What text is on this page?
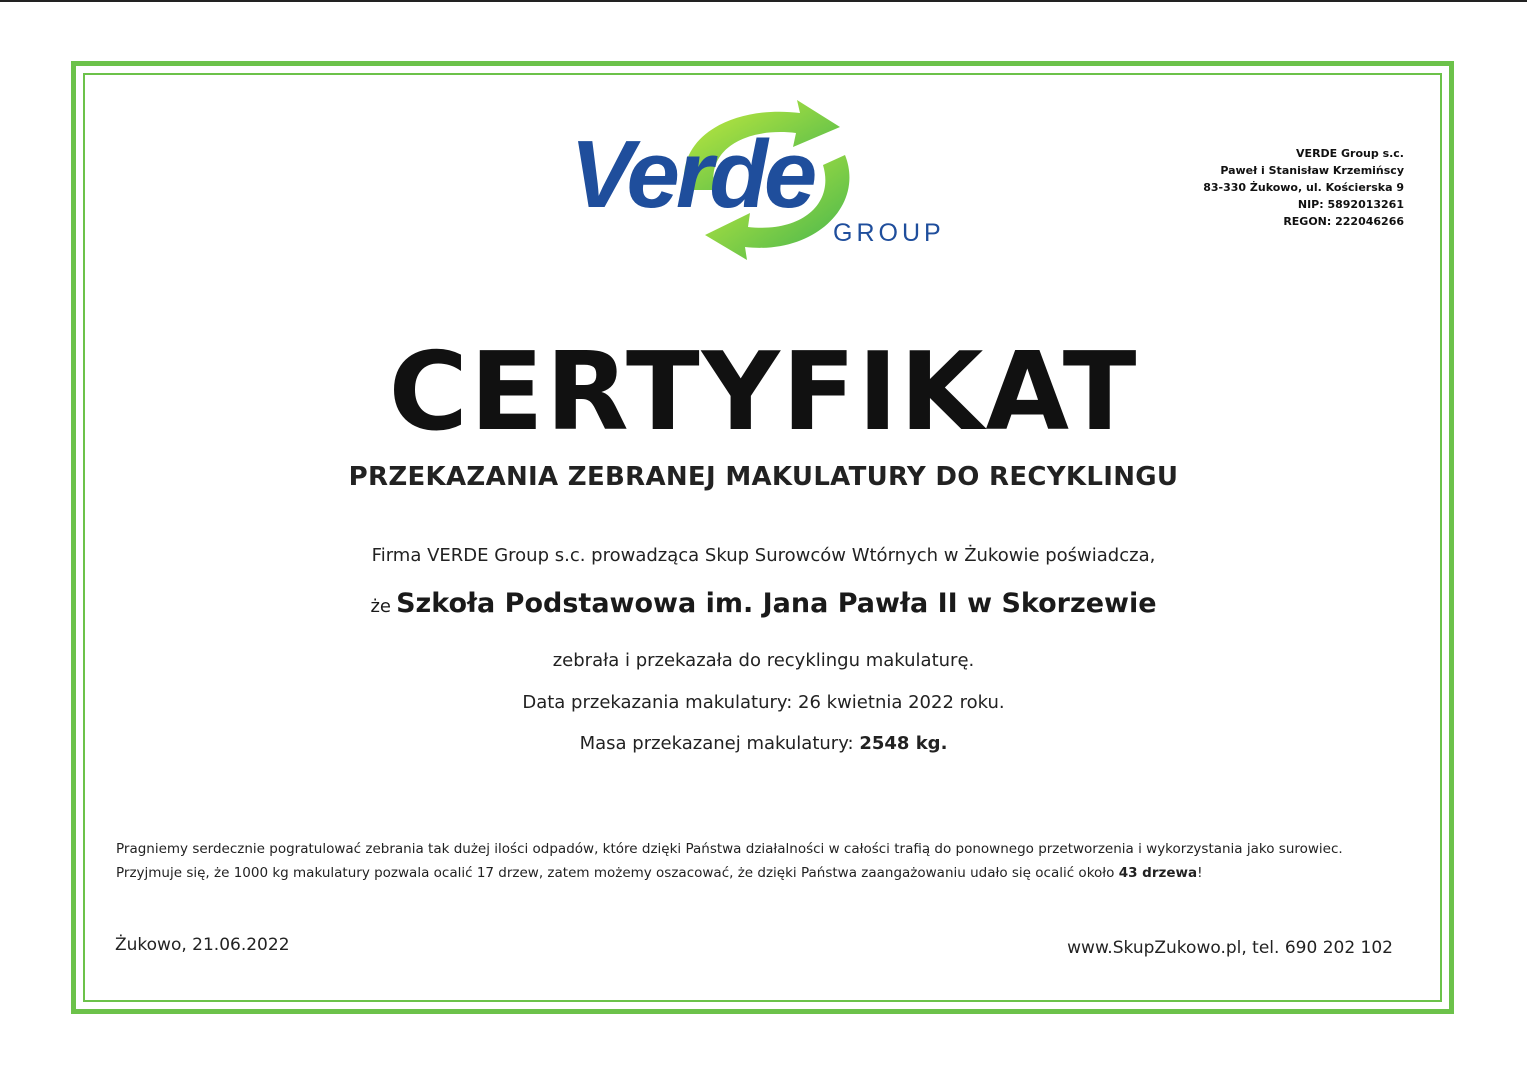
Verde
GROUP
VERDE Group s.c.
Paweł i Stanisław Krzemińscy
83-330 Żukowo, ul. Kościerska 9
NIP: 5892013261
REGON: 222046266
CERTYFIKAT
PRZEKAZANIA ZEBRANEJ MAKULATURY DO RECYKLINGU
Firma VERDE Group s.c. prowadząca Skup Surowców Wtórnych w Żukowie poświadcza,
że Szkoła Podstawowa im. Jana Pawła II w Skorzewie
zebrała i przekazała do recyklingu makulaturę.
Data przekazania makulatury: 26 kwietnia 2022 roku.
Masa przekazanej makulatury: 2548 kg.
Pragniemy serdecznie pogratulować zebrania tak dużej ilości odpadów, które dzięki Państwa działalności w całości trafią do ponownego przetworzenia i wykorzystania jako surowiec.
Przyjmuje się, że 1000 kg makulatury pozwala ocalić 17 drzew, zatem możemy oszacować, że dzięki Państwa zaangażowaniu udało się ocalić około 43 drzewa!
Żukowo, 21.06.2022	www.SkupZukowo.pl, tel. 690 202 102
